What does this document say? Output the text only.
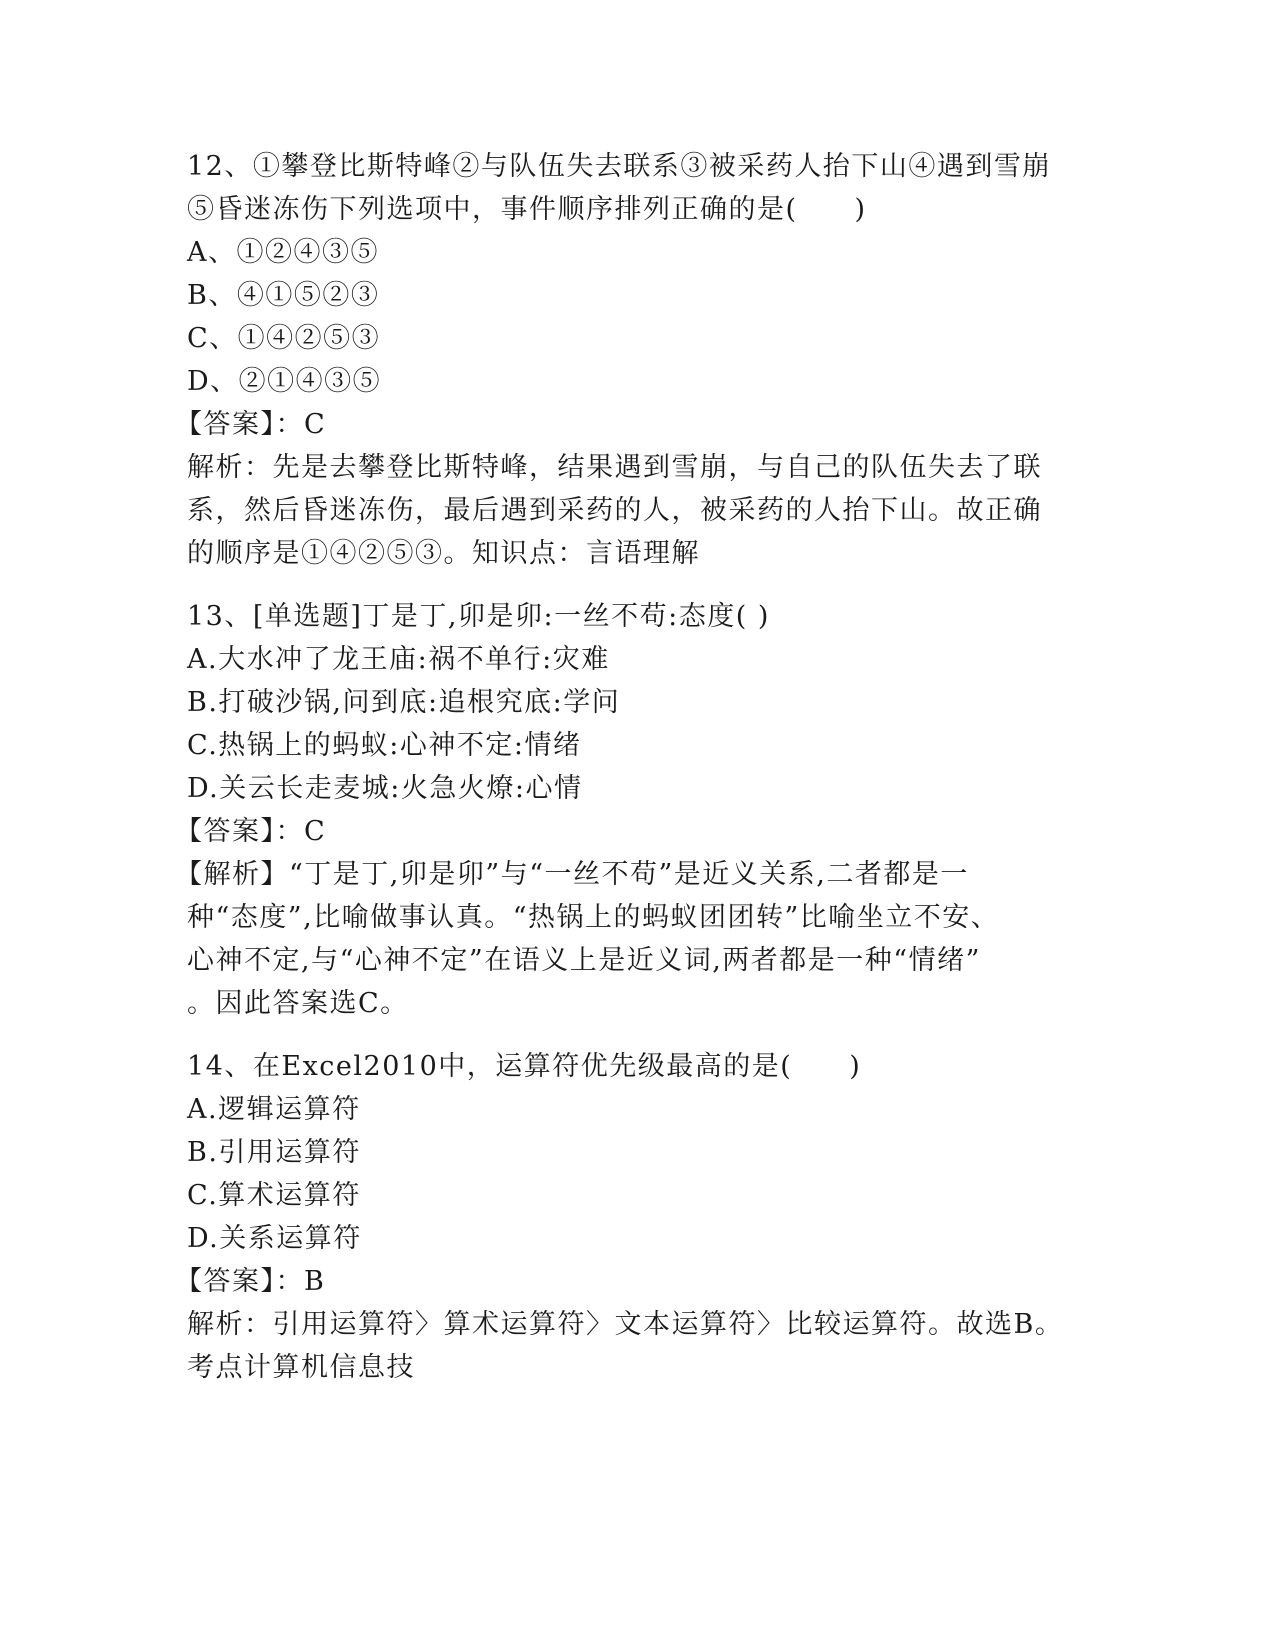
12、①攀登比斯特峰②与队伍失去联系③被采药人抬下山④遇到雪崩

⑤昏迷冻伤下列选项中，事件顺序排列正确的是(　　)

A、①②④③⑤

B、④①⑤②③

C、①④②⑤③

D、②①④③⑤

【答案】：C

解析：先是去攀登比斯特峰，结果遇到雪崩，与自己的队伍失去了联

系，然后昏迷冻伤，最后遇到采药的人，被采药的人抬下山。故正确

的顺序是①④②⑤③。知识点：言语理解

13、[单选题]丁是丁,卯是卯:一丝不苟:态度( )

A.大水冲了龙王庙:祸不单行:灾难

B.打破沙锅,问到底:追根究底:学问

C.热锅上的蚂蚁:心神不定:情绪

D.关云长走麦城:火急火燎:心情

【答案】：C

【解析】“丁是丁,卯是卯”与“一丝不苟”是近义关系,二者都是一

种“态度”,比喻做事认真。“热锅上的蚂蚁团团转”比喻坐立不安、

心神不定,与“心神不定”在语义上是近义词,两者都是一种“情绪”

。因此答案选C。

14、在Excel2010中，运算符优先级最高的是(　　)

A.逻辑运算符

B.引用运算符

C.算术运算符

D.关系运算符

【答案】：B

解析：引用运算符〉算术运算符〉文本运算符〉比较运算符。故选B。

考点计算机信息技
